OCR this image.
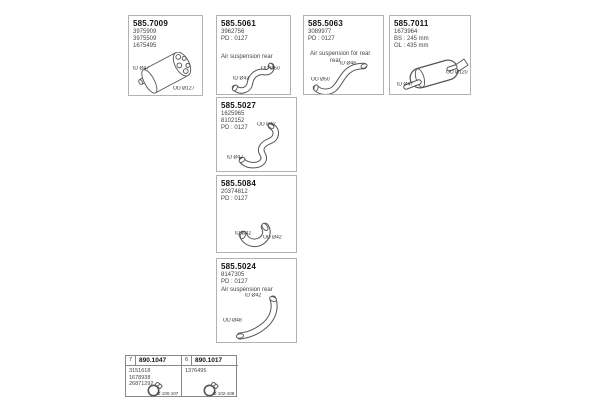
585.7009
3975909
3975509
1675495
ID Ø47
OD Ø127
585.5061
3962756
PD : 0127
Air suspension rear
ID Ø42
OD Ø50
585.5063
3089977
PD : 0127
Air suspension for rear
rear
OD Ø50
ID Ø46
585.7011
1673964
BS : 245 mm
OL : 435 mm
ID Ø47
OD Ø120
585.5027
1625965
8102152
PD : 0127
ID Ø47
OD Ø42
585.5084
20374812
PD : 0127
ID Ø42
OD Ø42
585.5024
8147305
PD : 0127
Air suspension rear
OD Ø48
ID Ø42
7	890.1047
3151618
1678938
26871292
Ø 100-107
6	890.1017
1376495
Ø 102-108
